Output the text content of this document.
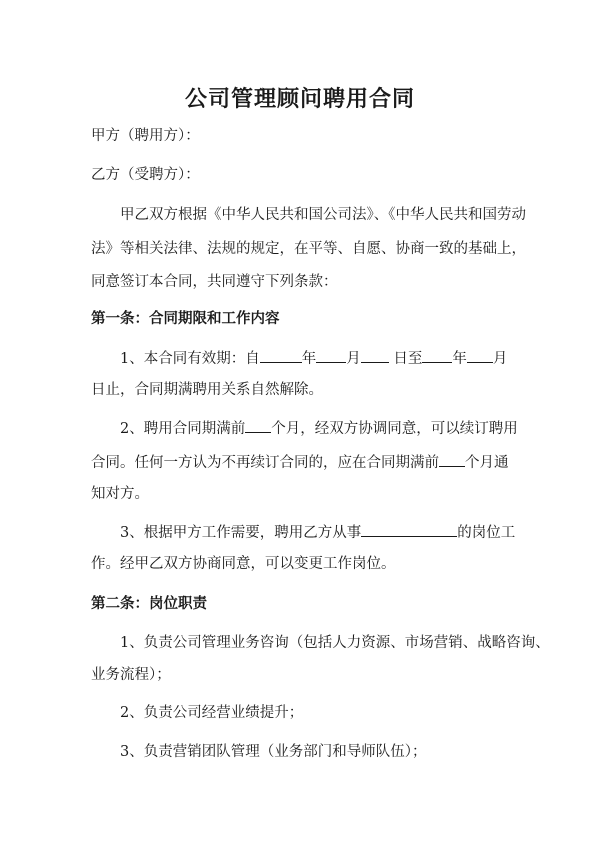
公司管理顾问聘用合同
甲方（聘用方）：
乙方（受聘方）：
甲乙双方根据《中华人民共和国公司法》、《中华人民共和国劳动
法》等相关法律、法规的规定，在平等、自愿、协商一致的基础上，
同意签订本合同，共同遵守下列条款：
第一条：合同期限和工作内容
1、本合同有效期：自	年 月 日至 年 月
日止，合同期满聘用关系自然解除。
2、聘用合同期满前 个月，经双方协调同意，可以续订聘用
合同。任何一方认为不再续订合同的，应在合同期满前 个月通
知对方。
3、根据甲方工作需要，聘用乙方从事	的岗位工
作。经甲乙双方协商同意，可以变更工作岗位。
第二条：岗位职责
1、负责公司管理业务咨询（包括人力资源、市场营销、战略咨询、
业务流程）；
2、负责公司经营业绩提升；
3、负责营销团队管理（业务部门和导师队伍）；
